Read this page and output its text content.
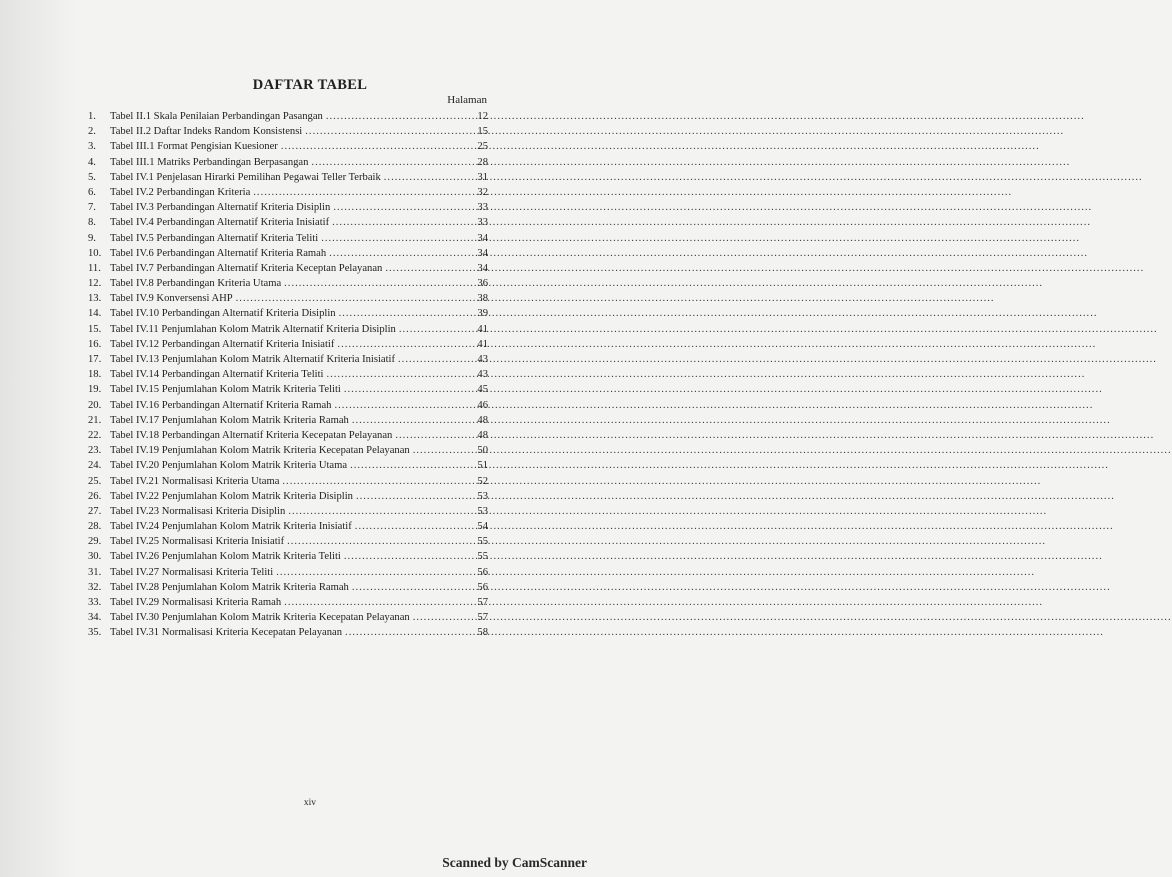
DAFTAR TABEL
Halaman
1.	Tabel II.1 Skala Penilaian Perbandingan Pasangan .....	12
2.	Tabel II.2 Daftar Indeks Random Konsistensi .....	15
3.	Tabel III.1 Format Pengisian Kuesioner .....	25
4.	Tabel III.1 Matriks Perbandingan Berpasangan .....	28
5.	Tabel IV.1 Penjelasan Hirarki Pemilihan Pegawai Teller Terbaik .....	31
6.	Tabel IV.2 Perbandingan Kriteria .....	32
7.	Tabel IV.3 Perbandingan Alternatif Kriteria Disiplin .....	33
8.	Tabel IV.4 Perbandingan Alternatif Kriteria Inisiatif .....	33
9.	Tabel IV.5 Perbandingan Alternatif Kriteria Teliti .....	34
10. Tabel IV.6 Perbandingan Alternatif Kriteria Ramah .....	34
11. Tabel IV.7 Perbandingan Alternatif Kriteria Keceptan Pelayanan .....	34
12. Tabel IV.8 Perbandingan Kriteria Utama .....	36
13. Tabel IV.9 Konversensi AHP .....	38
14. Tabel IV.10 Perbandingan Alternatif Kriteria Disiplin .....	39
15. Tabel IV.11 Penjumlahan Kolom Matrik Alternatif Kriteria Disiplin .....	41
16. Tabel IV.12 Perbandingan Alternatif Kriteria Inisiatif .....	41
17. Tabel IV.13 Penjumlahan Kolom Matrik Alternatif Kriteria Inisiatif .....	43
18. Tabel IV.14 Perbandingan Alternatif Kriteria Teliti .....	43
19. Tabel IV.15 Penjumlahan Kolom Matrik Kriteria Teliti .....	45
20. Tabel IV.16 Perbandingan Alternatif Kriteria Ramah .....	46
21. Tabel IV.17 Penjumlahan Kolom Matrik Kriteria Ramah .....	48
22. Tabel IV.18 Perbandingan Alternatif Kriteria Kecepatan Pelayanan .....	48
23. Tabel IV.19 Penjumlahan Kolom Matrik Kriteria Kecepatan Pelayanan .....	50
24. Tabel IV.20 Penjumlahan Kolom Matrik Kriteria Utama .....	51
25. Tabel IV.21 Normalisasi Kriteria Utama .....	52
26. Tabel IV.22 Penjumlahan Kolom Matrik Kriteria Disiplin .....	53
27. Tabel IV.23 Normalisasi Kriteria Disiplin .....	53
28. Tabel IV.24 Penjumlahan Kolom Matrik Kriteria Inisiatif .....	54
29. Tabel IV.25 Normalisasi Kriteria Inisiatif .....	55
30. Tabel IV.26 Penjumlahan Kolom Matrik Kriteria Teliti .....	55
31. Tabel IV.27 Normalisasi Kriteria Teliti .....	56
32. Tabel IV.28 Penjumlahan Kolom Matrik Kriteria Ramah .....	56
33. Tabel IV.29 Normalisasi Kriteria Ramah .....	57
34. Tabel IV.30 Penjumlahan Kolom Matrik Kriteria Kecepatan Pelayanan .....	57
35. Tabel IV.31 Normalisasi Kriteria Kecepatan Pelayanan .....	58
xiv
Scanned by CamScanner
